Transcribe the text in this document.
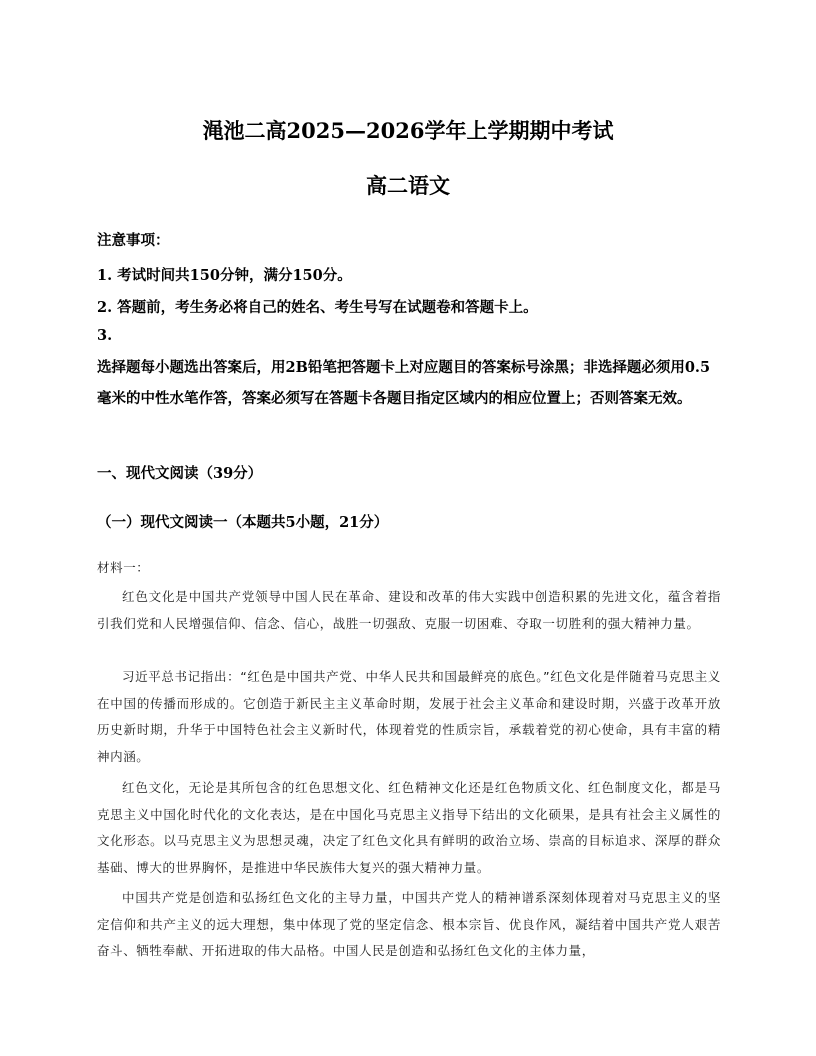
渑池二高2025—2026学年上学期期中考试
高二语文
注意事项：
1. 考试时间共150分钟，满分150分。
2. 答题前，考生务必将自己的姓名、考生号写在试题卷和答题卡上。
3.
选择题每小题选出答案后，用2B铅笔把答题卡上对应题目的答案标号涂黑；非选择题必须用0.5毫米的中性水笔作答，答案必须写在答题卡各题目指定区域内的相应位置上；否则答案无效。
一、现代文阅读（39分）
（一）现代文阅读一（本题共5小题，21分）
材料一：

红色文化是中国共产党领导中国人民在革命、建设和改革的伟大实践中创造积累的先进文化，蕴含着指引我们党和人民增强信仰、信念、信心，战胜一切强敌、克服一切困难、夺取一切胜利的强大精神力量。

习近平总书记指出：“红色是中国共产党、中华人民共和国最鲜亮的底色。”红色文化是伴随着马克思主义在中国的传播而形成的。它创造于新民主主义革命时期，发展于社会主义革命和建设时期，兴盛于改革开放历史新时期，升华于中国特色社会主义新时代，体现着党的性质宗旨，承载着党的初心使命，具有丰富的精神内涵。

红色文化，无论是其所包含的红色思想文化、红色精神文化还是红色物质文化、红色制度文化，都是马克思主义中国化时代化的文化表达，是在中国化马克思主义指导下结出的文化硕果，是具有社会主义属性的文化形态。以马克思主义为思想灵魂，决定了红色文化具有鲜明的政治立场、崇高的目标追求、深厚的群众基础、博大的世界胸怀，是推进中华民族伟大复兴的强大精神力量。

中国共产党是创造和弘扬红色文化的主导力量，中国共产党人的精神谱系深刻体现着对马克思主义的坚定信仰和共产主义的远大理想，集中体现了党的坚定信念、根本宗旨、优良作风，凝结着中国共产党人艰苦奋斗、牺牲奉献、开拓进取的伟大品格。中国人民是创造和弘扬红色文化的主体力量，
